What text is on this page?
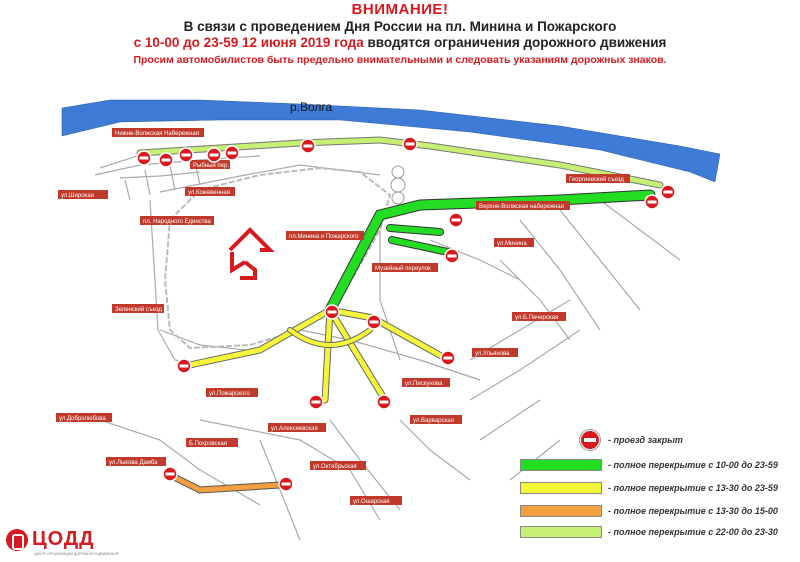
ВНИМАНИЕ!
В связи с проведением Дня России на пл. Минина и Пожарского
с 10-00 до 23-59 12 июня 2019 года вводятся ограничения дорожного движения
Просим автомобилистов быть предельно внимательными и следовать указаниям дорожных знаков.
р.Волга
Нижне-Волжская Набережная
Рыбный пер.
ул.Широкая	ул.Кожевенная
пл. Народного Единства
пл.Минина и Пожарского
Георгиевский съезд
Верхне-Волжская набережная
ул.Минина
Музейный переулок
Зеленский съезд
ул.Б.Печерская
ул.Ульянова
ул.Пискунова
ул.Пожарского
ул.Добролюбова	ул.Варварская
ул.Алексеевская
Б.Покровская
ул.Лыкова Дамба
ул.Октябрьская
ул.Ошарская
- проезд закрыт
- полное перекрытие с 10-00 до 23-59
- полное перекрытие с 13-30 до 23-59
- полное перекрытие с 13-30 до 15-00
- полное перекрытие с 22-00 до 23-30
ЦОДД
ЦЕНТР ОРГАНИЗАЦИИ ДОРОЖНОГО ДВИЖЕНИЯ
